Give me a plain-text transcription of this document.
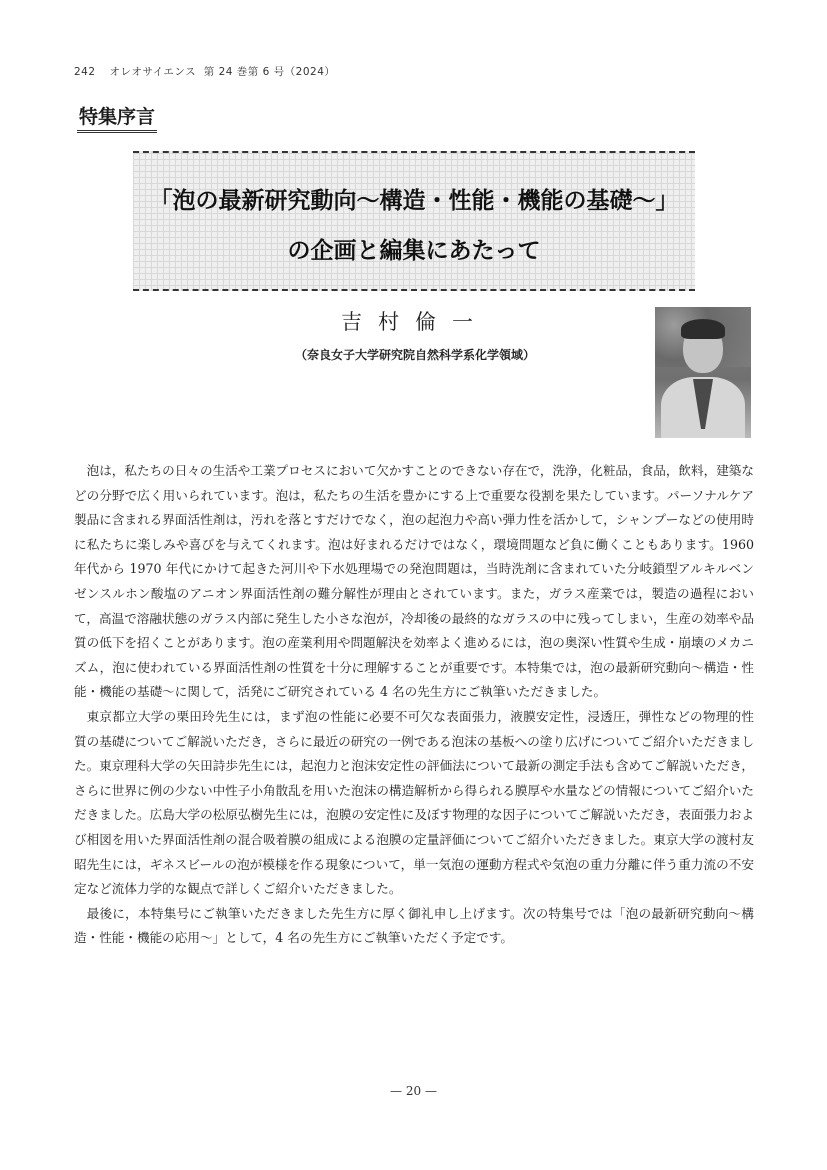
242 オレオサイエンス 第 24 巻第 6 号（2024）
特集序言
「泡の最新研究動向～構造・性能・機能の基礎～」
の企画と編集にあたって
吉村倫一
（奈良女子大学研究院自然科学系化学領域）

泡は，私たちの日々の生活や工業プロセスにおいて欠かすことのできない存在で，洗浄，化粧品，食品，飲料，建築などの分野で広く用いられています。泡は，私たちの生活を豊かにする上で重要な役割を果たしています。パーソナルケア製品に含まれる界面活性剤は，汚れを落とすだけでなく，泡の起泡力や高い弾力性を活かして，シャンプーなどの使用時に私たちに楽しみや喜びを与えてくれます。泡は好まれるだけではなく，環境問題など負に働くこともあります。1960 年代から 1970 年代にかけて起きた河川や下水処理場での発泡問題は，当時洗剤に含まれていた分岐鎖型アルキルベンゼンスルホン酸塩のアニオン界面活性剤の難分解性が理由とされています。また，ガラス産業では，製造の過程において，高温で溶融状態のガラス内部に発生した小さな泡が，冷却後の最終的なガラスの中に残ってしまい，生産の効率や品質の低下を招くことがあります。泡の産業利用や問題解決を効率よく進めるには，泡の奥深い性質や生成・崩壊のメカニズム，泡に使われている界面活性剤の性質を十分に理解することが重要です。本特集では，泡の最新研究動向～構造・性能・機能の基礎～に関して，活発にご研究されている 4 名の先生方にご執筆いただきました。

東京都立大学の栗田玲先生には，まず泡の性能に必要不可欠な表面張力，液膜安定性，浸透圧，弾性などの物理的性質の基礎についてご解説いただき，さらに最近の研究の一例である泡沫の基板への塗り広げについてご紹介いただきました。東京理科大学の矢田詩歩先生には，起泡力と泡沫安定性の評価法について最新の測定手法も含めてご解説いただき，さらに世界に例の少ない中性子小角散乱を用いた泡沫の構造解析から得られる膜厚や水量などの情報についてご紹介いただきました。広島大学の松原弘樹先生には，泡膜の安定性に及ぼす物理的な因子についてご解説いただき，表面張力および相図を用いた界面活性剤の混合吸着膜の組成による泡膜の定量評価についてご紹介いただきました。東京大学の渡村友昭先生には，ギネスビールの泡が模様を作る現象について，単一気泡の運動方程式や気泡の重力分離に伴う重力流の不安定など流体力学的な観点で詳しくご紹介いただきました。

最後に，本特集号にご執筆いただきました先生方に厚く御礼申し上げます。次の特集号では「泡の最新研究動向～構造・性能・機能の応用～」として，4 名の先生方にご執筆いただく予定です。

— 20 —
